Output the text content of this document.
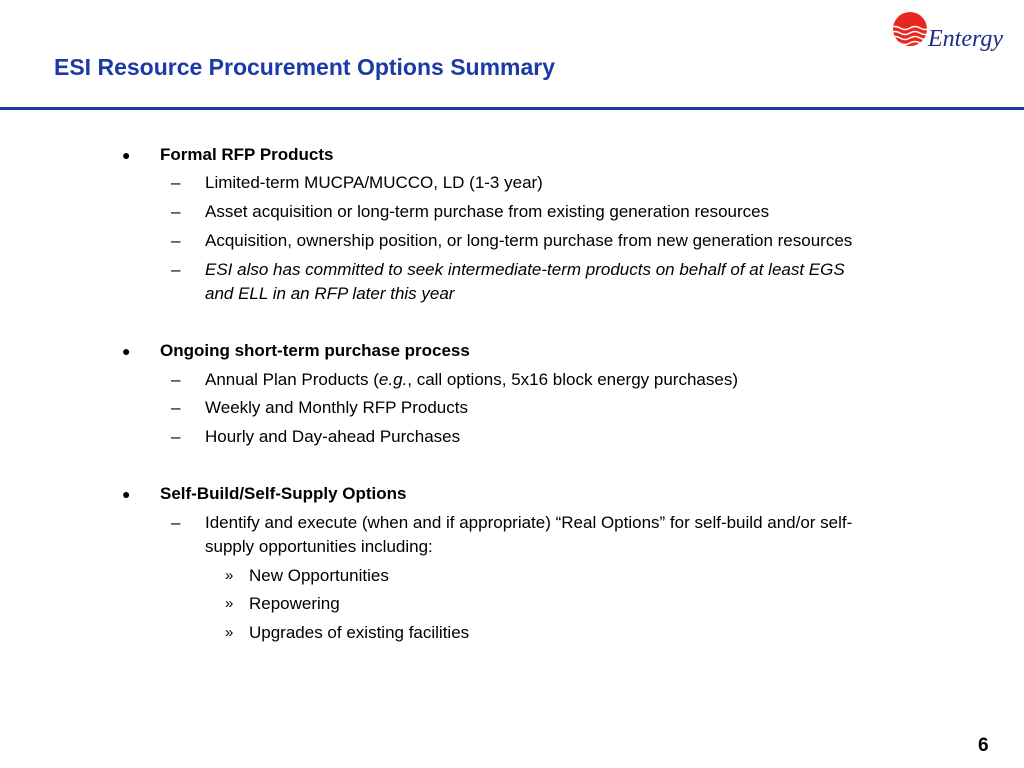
ESI Resource Procurement Options Summary
Entergy
● Formal RFP Products
– Limited-term MUCPA/MUCCO, LD (1-3 year)
– Asset acquisition or long-term purchase from existing generation resources
– Acquisition, ownership position, or long-term purchase from new generation resources
– ESI also has committed to seek intermediate-term products on behalf of at least EGS
and ELL in an RFP later this year
● Ongoing short-term purchase process
– Annual Plan Products (e.g., call options, 5x16 block energy purchases)
– Weekly and Monthly RFP Products
– Hourly and Day-ahead Purchases
● Self-Build/Self-Supply Options
– Identify and execute (when and if appropriate) “Real Options” for self-build and/or self-
supply opportunities including:
» New Opportunities
» Repowering
» Upgrades of existing facilities
6
